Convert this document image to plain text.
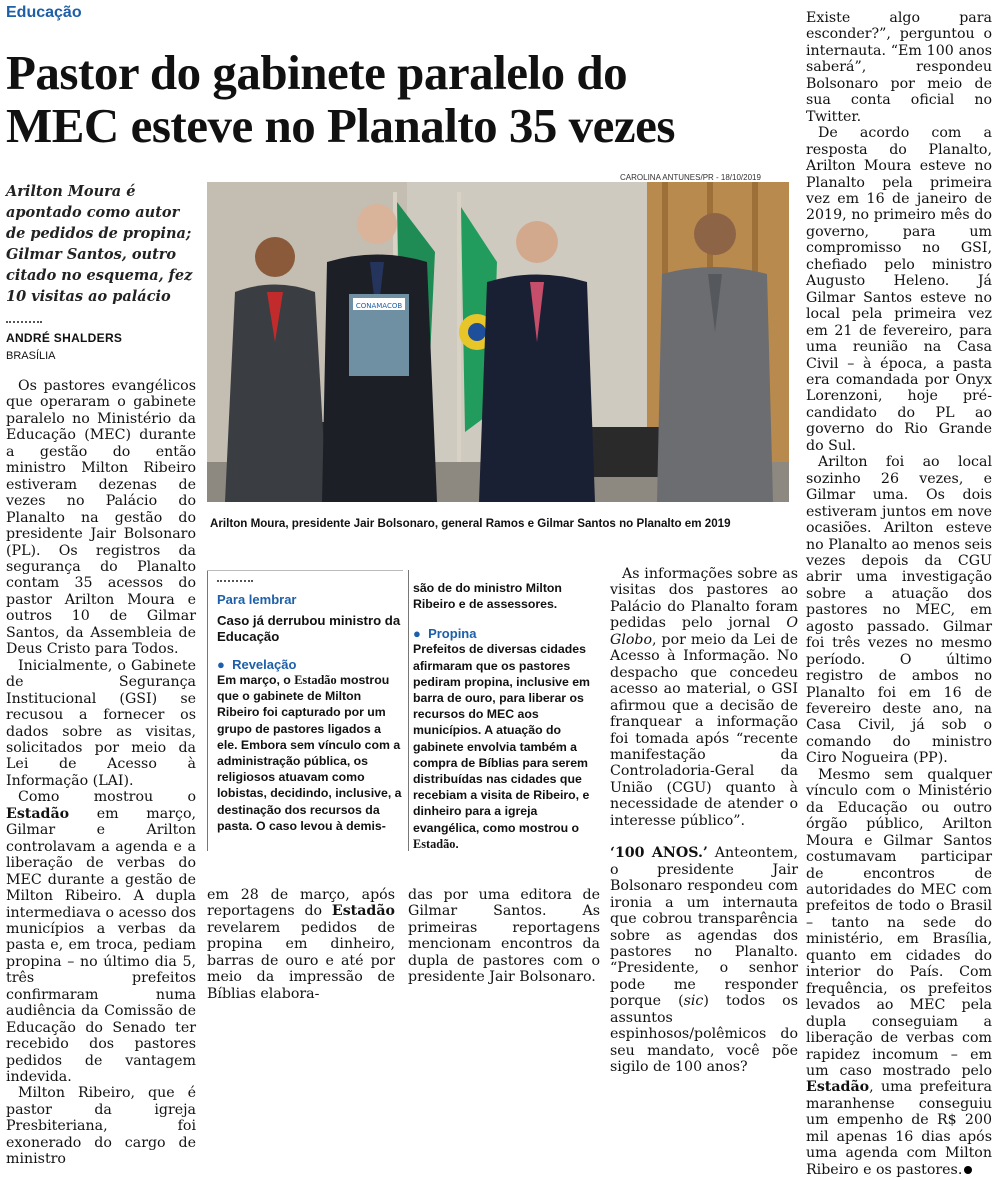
Educação
Pastor do gabinete paralelo do
MEC esteve no Planalto 35 vezes
Arilton Moura é apontado como autor de pedidos de propina; Gilmar Santos, outro citado no esquema, fez 10 visitas ao palácio
ANDRÉ SHALDERS
BRASÍLIA

Os pastores evangélicos que operaram o gabinete paralelo no Ministério da Educação (MEC) durante a gestão do então ministro Milton Ribeiro estiveram dezenas de vezes no Palácio do Planalto na gestão do presidente Jair Bolsonaro (PL). Os registros da segurança do Planalto contam 35 acessos do pastor Arilton Moura e outros 10 de Gilmar Santos, da Assembleia de Deus Cristo para Todos.

Inicialmente, o Gabinete de Segurança Institucional (GSI) se recusou a fornecer os dados sobre as visitas, solicitados por meio da Lei de Acesso à Informação (LAI).

Como mostrou o Estadão em março, Gilmar e Arilton controlavam a agenda e a liberação de verbas do MEC durante a gestão de Milton Ribeiro. A dupla intermediava o acesso dos municípios a verbas da pasta e, em troca, pediam propina – no último dia 5, três prefeitos confirmaram numa audiência da Comissão de Educação do Senado ter recebido dos pastores pedidos de vantagem indevida.

Milton Ribeiro, que é pastor da igreja Presbiteriana, foi exonerado do cargo de ministro

CAROLINA ANTUNES/PR - 18/10/2019
CONAMACOB
Arilton Moura, presidente Jair Bolsonaro, general Ramos e Gilmar Santos no Planalto em 2019

Para lembrar

Caso já derrubou ministro da Educação

●  Revelação

Em março, o Estadão mostrou que o gabinete de Milton Ribeiro foi capturado por um grupo de pastores ligados a ele. Embora sem vínculo com a administração pública, os religiosos atuavam como lobistas, decidindo, inclusive, a destinação dos recursos da pasta. O caso levou à demis-

são de do ministro Milton Ribeiro e de assessores.

●  Propina

Prefeitos de diversas cidades afirmaram que os pastores pediram propina, inclusive em barra de ouro, para liberar os recursos do MEC aos municípios. A atuação do gabinete envolvia também a compra de Bíblias para serem distribuídas nas cidades que recebiam a visita de Ribeiro, e dinheiro para a igreja evangélica, como mostrou o Estadão.

em 28 de março, após reportagens do Estadão revelarem pedidos de propina em dinheiro, barras de ouro e até por meio da impressão de Bíblias elabora-

das por uma editora de Gilmar Santos. As primeiras reportagens mencionam encontros da dupla de pastores com o presidente Jair Bolsonaro.

As informações sobre as visitas dos pastores ao Palácio do Planalto foram pedidas pelo jornal O Globo, por meio da Lei de Acesso à Informação. No despacho que concedeu acesso ao material, o GSI afirmou que a decisão de franquear a informação foi tomada após “recente manifestação da Controladoria-Geral da União (CGU) quanto à necessidade de atender o interesse público”.

‘100 ANOS.’ Anteontem, o presidente Jair Bolsonaro respondeu com ironia a um internauta que cobrou transparência sobre as agendas dos pastores no Planalto. “Presidente, o senhor pode me responder porque (sic) todos os assuntos espinhosos/polêmicos do seu mandato, você põe sigilo de 100 anos?

Existe algo para esconder?”, perguntou o internauta. “Em 100 anos saberá”, respondeu Bolsonaro por meio de sua conta oficial no Twitter.

De acordo com a resposta do Planalto, Arilton Moura esteve no Planalto pela primeira vez em 16 de janeiro de 2019, no primeiro mês do governo, para um compromisso no GSI, chefiado pelo ministro Augusto Heleno. Já Gilmar Santos esteve no local pela primeira vez em 21 de fevereiro, para uma reunião na Casa Civil – à época, a pasta era comandada por Onyx Lorenzoni, hoje pré-candidato do PL ao governo do Rio Grande do Sul.

Arilton foi ao local sozinho 26 vezes, e Gilmar uma. Os dois estiveram juntos em nove ocasiões. Arilton esteve no Planalto ao menos seis vezes depois da CGU abrir uma investigação sobre a atuação dos pastores no MEC, em agosto passado. Gilmar foi três vezes no mesmo período. O último registro de ambos no Planalto foi em 16 de fevereiro deste ano, na Casa Civil, já sob o comando do ministro Ciro Nogueira (PP).

Mesmo sem qualquer vínculo com o Ministério da Educação ou outro órgão público, Arilton Moura e Gilmar Santos costumavam participar de encontros de autoridades do MEC com prefeitos de todo o Brasil – tanto na sede do ministério, em Brasília, quanto em cidades do interior do País. Com frequência, os prefeitos levados ao MEC pela dupla conseguiam a liberação de verbas com rapidez incomum – em um caso mostrado pelo Estadão, uma prefeitura maranhense conseguiu um empenho de R$ 200 mil apenas 16 dias após uma agenda com Milton Ribeiro e os pastores.
